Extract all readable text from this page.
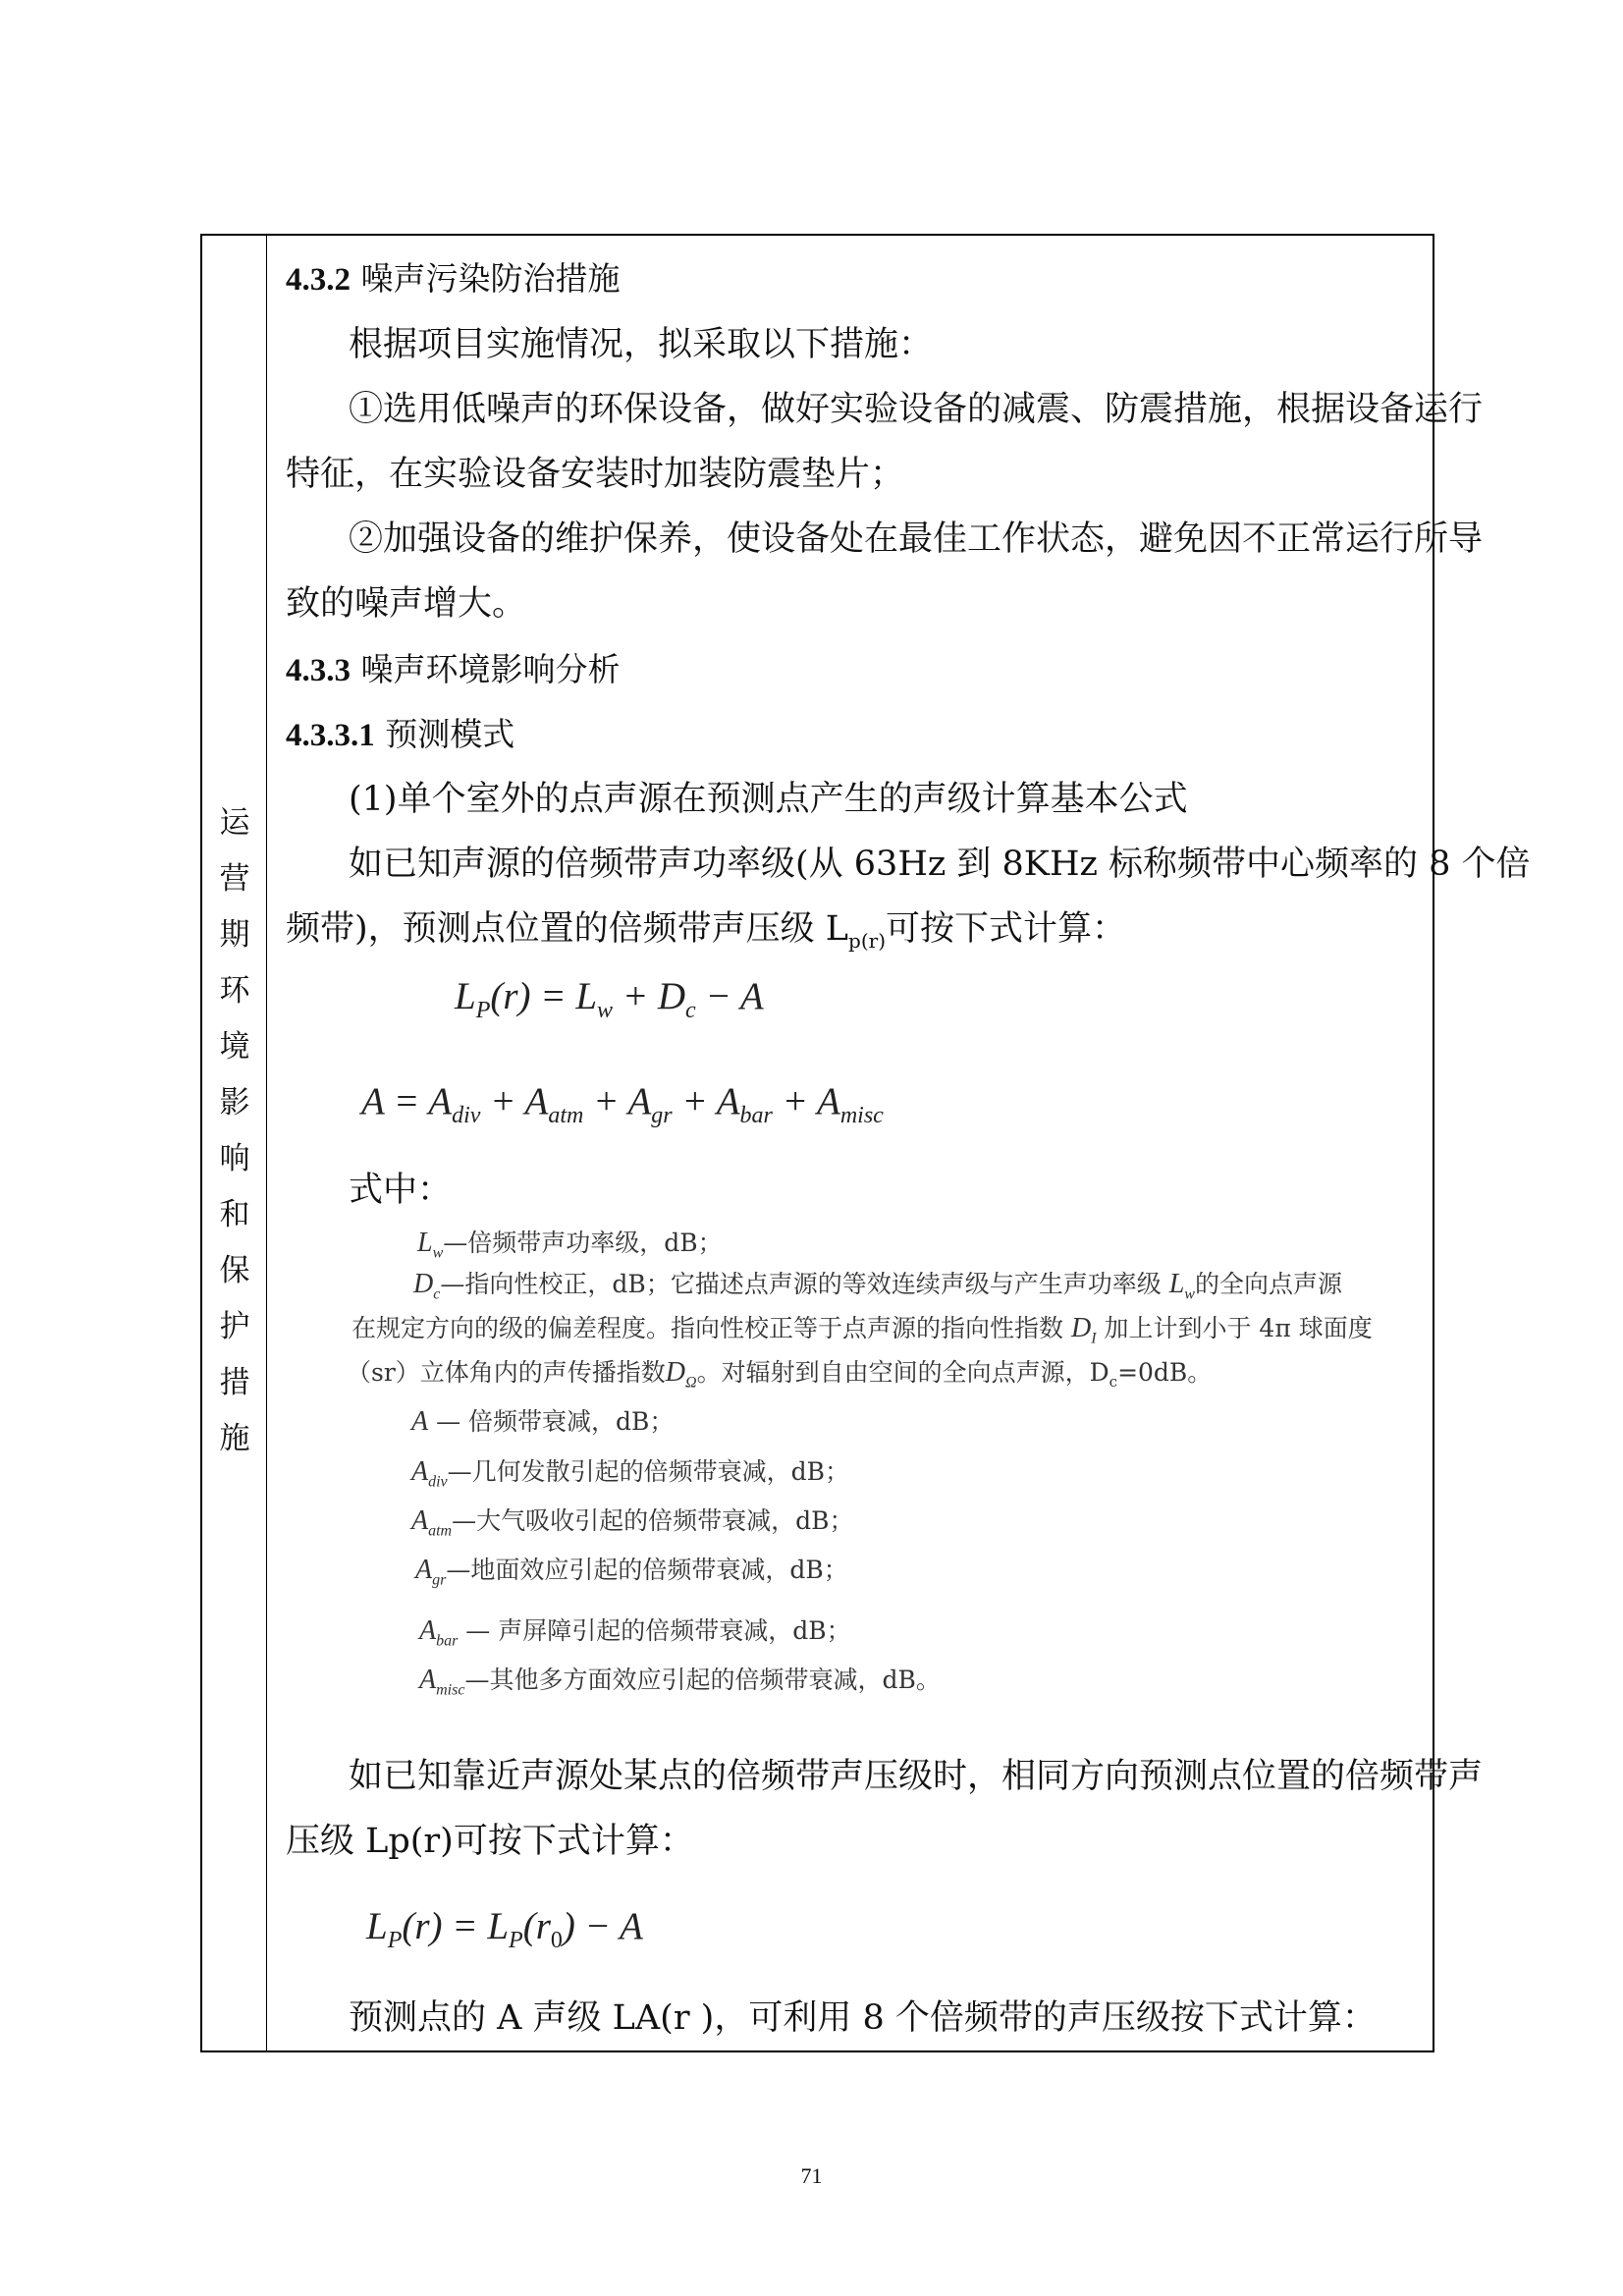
运
营
期
环
境
影
响
和
保
护
措
施
4.3.2 噪声污染防治措施
根据项目实施情况，拟采取以下措施：
①选用低噪声的环保设备，做好实验设备的减震、防震措施，根据设备运行
特征，在实验设备安装时加装防震垫片；
②加强设备的维护保养，使设备处在最佳工作状态，避免因不正常运行所导
致的噪声增大。
4.3.3 噪声环境影响分析
4.3.3.1 预测模式
(1)单个室外的点声源在预测点产生的声级计算基本公式
如已知声源的倍频带声功率级(从 63Hz 到 8KHz 标称频带中心频率的 8 个倍
频带)，预测点位置的倍频带声压级 $L_{p(r)}$可按下式计算：
$L_P(r) = L_w + D_c - A$
$A = A_{div} + A_{atm} + A_{gr} + A_{bar} + A_{misc}$
式中：
$L_w—$倍频带声功率级，dB；
$D_c—$指向性校正，dB；它描述点声源的等效连续声级与产生声功率级 $L_w$的全向点声源
在规定方向的级的偏差程度。指向性校正等于点声源的指向性指数 $D_I$ 加上计到小于 4π 球面度
（sr）立体角内的声传播指数$D_\Omega$。对辐射到自由空间的全向点声源，$D_c=0dB$。
A — 倍频带衰减，dB；
$A_{div}—$几何发散引起的倍频带衰减，dB；
$A_{atm}—$大气吸收引起的倍频带衰减，dB；
$A_{gr}—$地面效应引起的倍频带衰减，dB；
$A_{bar}$ — 声屏障引起的倍频带衰减，dB；
$A_{misc}—$其他多方面效应引起的倍频带衰减，dB。
如已知靠近声源处某点的倍频带声压级时，相同方向预测点位置的倍频带声
压级 Lp(r)可按下式计算：
$L_P(r) = L_P(r_0) - A$
预测点的 A 声级 LA(r )，可利用 8 个倍频带的声压级按下式计算：
71
